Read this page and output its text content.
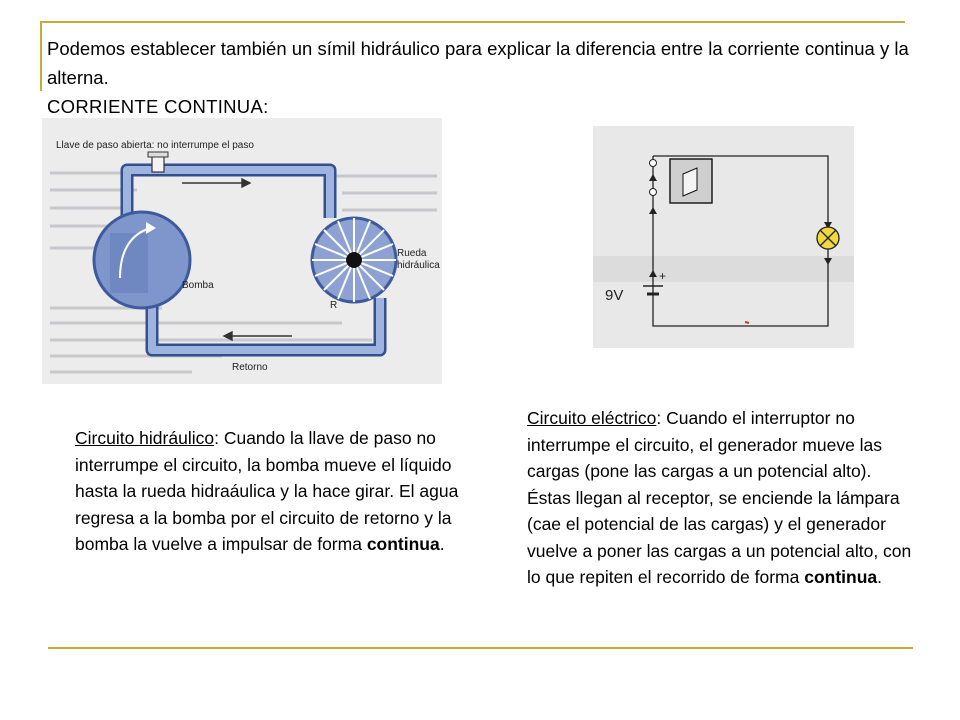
Podemos establecer también un símil hidráulico para explicar la diferencia entre la corriente continua y la alterna.

CORRIENTE CONTINUA:

Llave de paso abierta: no interrumpe el paso
Rueda
hidráulica
Bomba
R
Retorno
+
9V

Circuito hidráulico: Cuando la llave de paso no interrumpe el circuito, la bomba mueve el líquido hasta la rueda hidraáulica y la hace girar. El agua regresa a la bomba por el circuito de retorno y la bomba la vuelve a impulsar de forma continua.

Circuito eléctrico: Cuando el interruptor no interrumpe el circuito, el generador mueve las cargas (pone las cargas a un potencial alto). Éstas llegan al receptor, se enciende la lámpara (cae el potencial de las cargas) y el generador vuelve a poner las cargas a un potencial alto, con lo que repiten el recorrido de forma continua.
